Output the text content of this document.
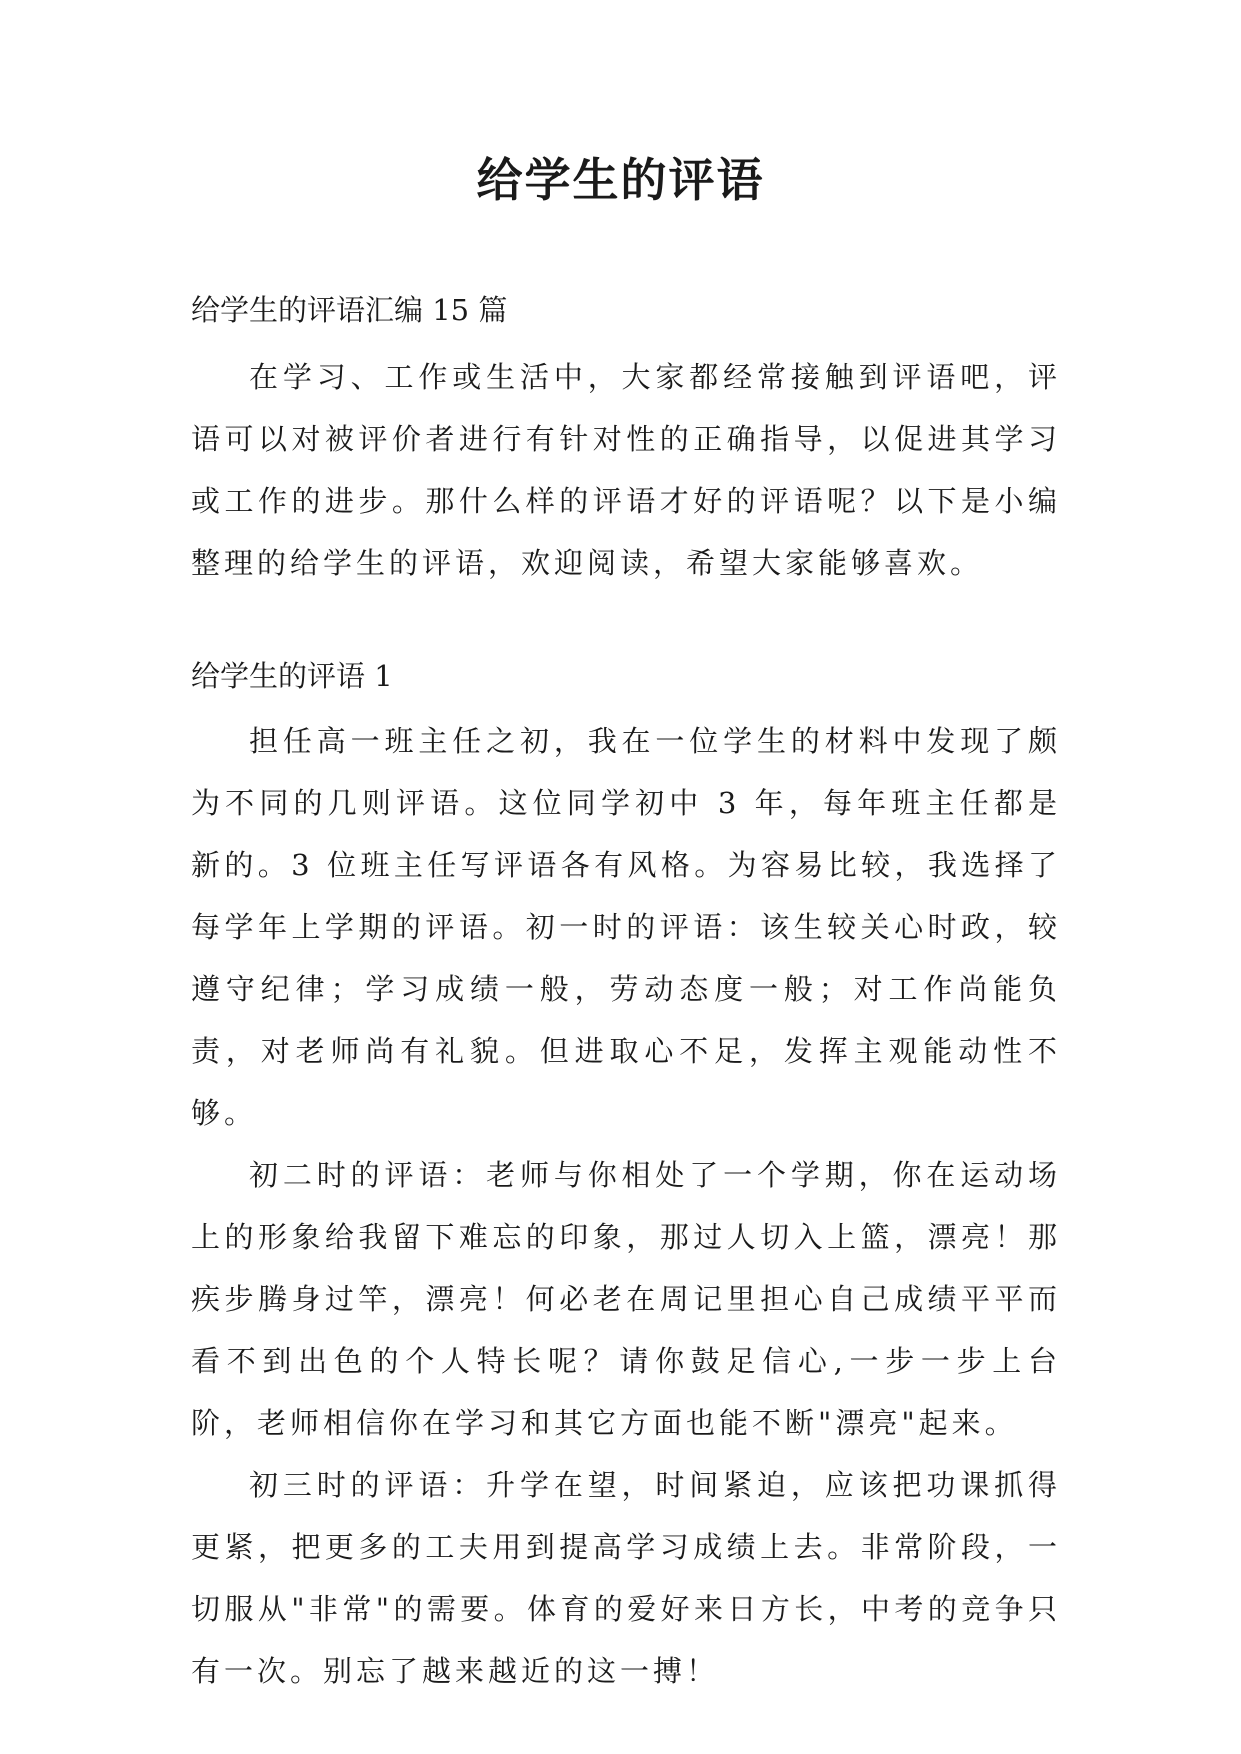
给学生的评语

给学生的评语汇编 15 篇

在学习、工作或生活中，大家都经常接触到评语吧，评语可以对被评价者进行有针对性的正确指导，以促进其学习或工作的进步。那什么样的评语才好的评语呢？以下是小编整理的给学生的评语，欢迎阅读，希望大家能够喜欢。

给学生的评语 1

担任高一班主任之初，我在一位学生的材料中发现了颇为不同的几则评语。这位同学初中 3 年，每年班主任都是新的。3 位班主任写评语各有风格。为容易比较，我选择了每学年上学期的评语。初一时的评语：该生较关心时政，较遵守纪律；学习成绩一般，劳动态度一般；对工作尚能负责，对老师尚有礼貌。但进取心不足，发挥主观能动性不够。

初二时的评语：老师与你相处了一个学期，你在运动场上的形象给我留下难忘的印象，那过人切入上篮，漂亮！那疾步腾身过竿，漂亮！何必老在周记里担心自己成绩平平而看不到出色的个人特长呢？请你鼓足信心,一步一步上台阶，老师相信你在学习和其它方面也能不断"漂亮"起来。

初三时的评语：升学在望，时间紧迫，应该把功课抓得更紧，把更多的工夫用到提高学习成绩上去。非常阶段，一切服从"非常"的需要。体育的爱好来日方长，中考的竞争只有一次。别忘了越来越近的这一搏！
